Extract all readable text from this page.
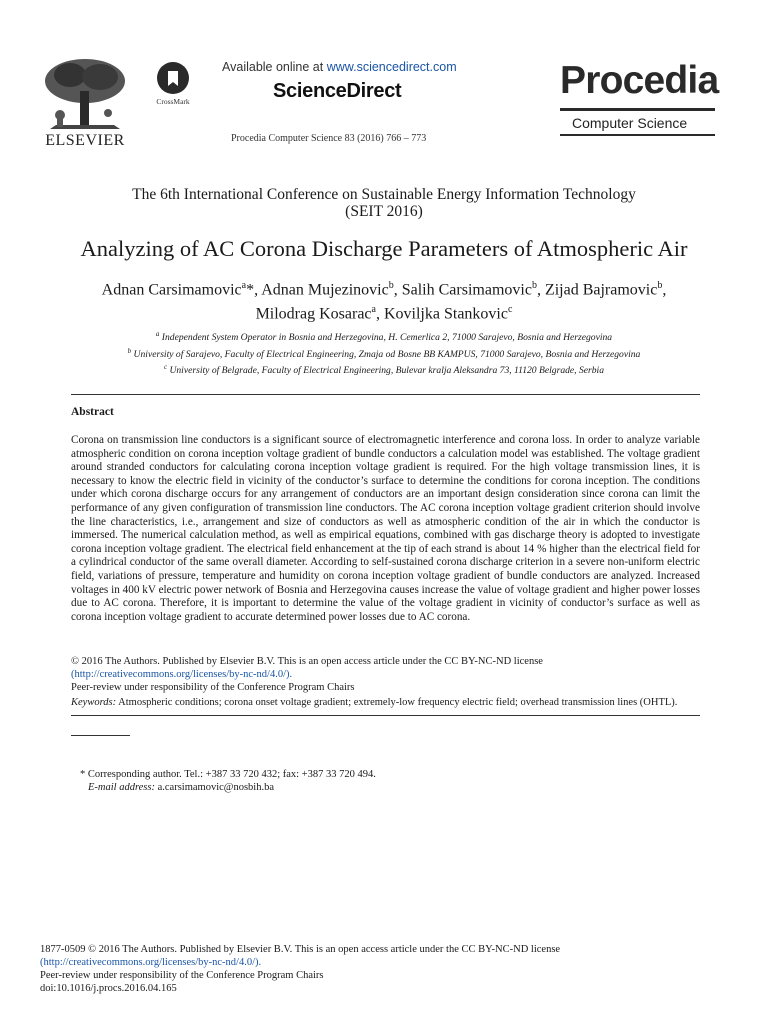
ELSEVIER
CrossMark
Available online at www.sciencedirect.com
ScienceDirect
Procedia Computer Science 83 (2016) 766 – 773
Procedia
Computer Science
The 6th International Conference on Sustainable Energy Information Technology
(SEIT 2016)
Analyzing of AC Corona Discharge Parameters of Atmospheric Air
Adnan Carsimamovic$^a$*, Adnan Mujezinovic$^b$, Salih Carsimamovic$^b$, Zijad Bajramovic$^b$,
Milodrag Kosarac$^a$, Koviljka Stankovic$^c$
$^a$ Independent System Operator in Bosnia and Herzegovina, H. Cemerlica 2, 71000 Sarajevo, Bosnia and Herzegovina
$^b$ University of Sarajevo, Faculty of Electrical Engineering, Zmaja od Bosne BB KAMPUS, 71000 Sarajevo, Bosnia and Herzegovina
$^c$ University of Belgrade, Faculty of Electrical Engineering, Bulevar kralja Aleksandra 73, 11120 Belgrade, Serbia
Abstract
Corona on transmission line conductors is a significant source of electromagnetic interference and corona loss. In order to analyze variable atmospheric condition on corona inception voltage gradient of bundle conductors a calculation model was established. The voltage gradient around stranded conductors for calculating corona inception voltage gradient is required. For the high voltage transmission lines, it is necessary to know the electric field in vicinity of the conductor’s surface to determine the conditions for corona inception. The conditions under which corona discharge occurs for any arrangement of conductors are an important design consideration since corona can limit the performance of any given configuration of transmission line conductors. The AC corona inception voltage gradient criterion should involve the line characteristics, i.e., arrangement and size of conductors as well as atmospheric condition of the air in which the conductor is immersed. The numerical calculation method, as well as empirical equations, combined with gas discharge theory is adopted to investigate corona inception voltage gradient. The electrical field enhancement at the tip of each strand is about 14 % higher than the electrical field for a cylindrical conductor of the same overall diameter. According to self-sustained corona discharge criterion in a severe non-uniform electric field, variations of pressure, temperature and humidity on corona inception voltage gradient of bundle conductors are analyzed. Increased voltages in 400 kV electric power network of Bosnia and Herzegovina causes increase the value of voltage gradient and higher power losses due to AC corona. Therefore, it is important to determine the value of the voltage gradient in vicinity of conductor’s surface as well as corona inception voltage gradient to accurate determined power losses due to AC corona.
© 2016 The Authors. Published by Elsevier B.V. This is an open access article under the CC BY-NC-ND license
(http://creativecommons.org/licenses/by-nc-nd/4.0/).
Peer-review under responsibility of the Conference Program Chairs
Keywords: Atmospheric conditions; corona onset voltage gradient; extremely-low frequency electric field; overhead transmission lines (OHTL).
* Corresponding author. Tel.: +387 33 720 432; fax: +387 33 720 494.
E-mail address: a.carsimamovic@nosbih.ba
1877-0509 © 2016 The Authors. Published by Elsevier B.V. This is an open access article under the CC BY-NC-ND license
(http://creativecommons.org/licenses/by-nc-nd/4.0/).
Peer-review under responsibility of the Conference Program Chairs
doi:10.1016/j.procs.2016.04.165
